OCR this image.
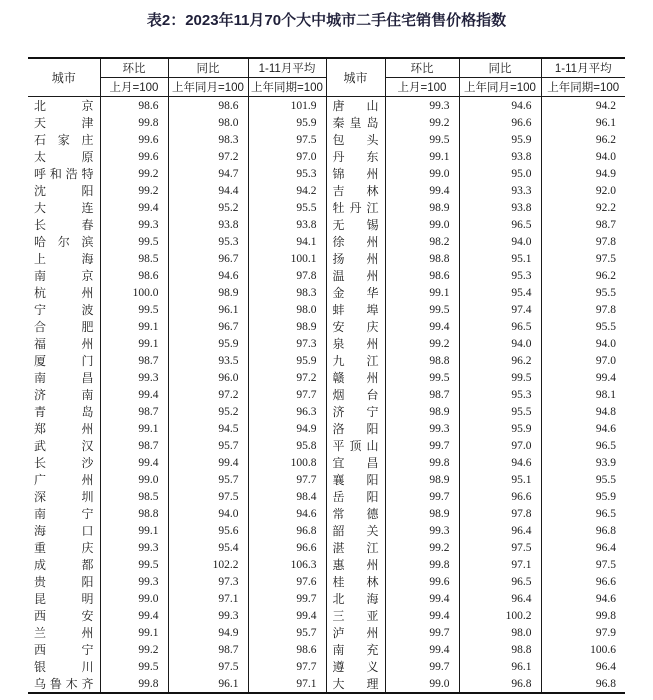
表2：2023年11月70个大中城市二手住宅销售价格指数
城市	环比	同比	1-11月平均	城市	环比	同比	1-11月平均
	上月=100	上年同月=100	上年同期=100		上月=100	上年同月=100	上年同期=100

北京	98.6	98.6	101.9	唐山	99.3	94.6	94.2

天津	99.8	98.0	95.9	秦皇岛	99.2	96.6	96.1

石家庄	99.6	98.3	97.5	包头	99.5	95.9	96.2

太原	99.6	97.2	97.0	丹东	99.1	93.8	94.0

呼和浩特	99.2	94.7	95.3	锦州	99.0	95.0	94.9

沈阳	99.2	94.4	94.2	吉林	99.4	93.3	92.0

大连	99.4	95.2	95.5	牡丹江	98.9	93.8	92.2

长春	99.3	93.8	93.8	无锡	99.0	96.5	98.7

哈尔滨	99.5	95.3	94.1	徐州	98.2	94.0	97.8

上海	98.5	96.7	100.1	扬州	98.8	95.1	97.5

南京	98.6	94.6	97.8	温州	98.6	95.3	96.2

杭州	100.0	98.9	98.3	金华	99.1	95.4	95.5

宁波	99.5	96.1	98.0	蚌埠	99.5	97.4	97.8

合肥	99.1	96.7	98.9	安庆	99.4	96.5	95.5

福州	99.1	95.9	97.3	泉州	99.2	94.0	94.0

厦门	98.7	93.5	95.9	九江	98.8	96.2	97.0

南昌	99.3	96.0	97.2	赣州	99.5	99.5	99.4

济南	99.4	97.2	97.7	烟台	98.7	95.3	98.1

青岛	98.7	95.2	96.3	济宁	98.9	95.5	94.8

郑州	99.1	94.5	94.9	洛阳	99.3	95.9	94.6

武汉	98.7	95.7	95.8	平顶山	99.7	97.0	96.5

长沙	99.4	99.4	100.8	宜昌	99.8	94.6	93.9

广州	99.0	95.7	97.7	襄阳	98.9	95.1	95.5

深圳	98.5	97.5	98.4	岳阳	99.7	96.6	95.9

南宁	98.8	94.0	94.6	常德	98.9	97.8	96.5

海口	99.1	95.6	96.8	韶关	99.3	96.4	96.8

重庆	99.3	95.4	96.6	湛江	99.2	97.5	96.4

成都	99.5	102.2	106.3	惠州	99.8	97.1	97.5

贵阳	99.3	97.3	97.6	桂林	99.6	96.5	96.6

昆明	99.0	97.1	99.7	北海	99.4	96.4	94.6

西安	99.4	99.3	99.4	三亚	99.4	100.2	99.8

兰州	99.1	94.9	95.7	泸州	99.7	98.0	97.9

西宁	99.2	98.7	98.6	南充	99.4	98.8	100.6

银川	99.5	97.5	97.7	遵义	99.7	96.1	96.4

乌鲁木齐	99.8	96.1	97.1	大理	99.0	96.8	96.8
